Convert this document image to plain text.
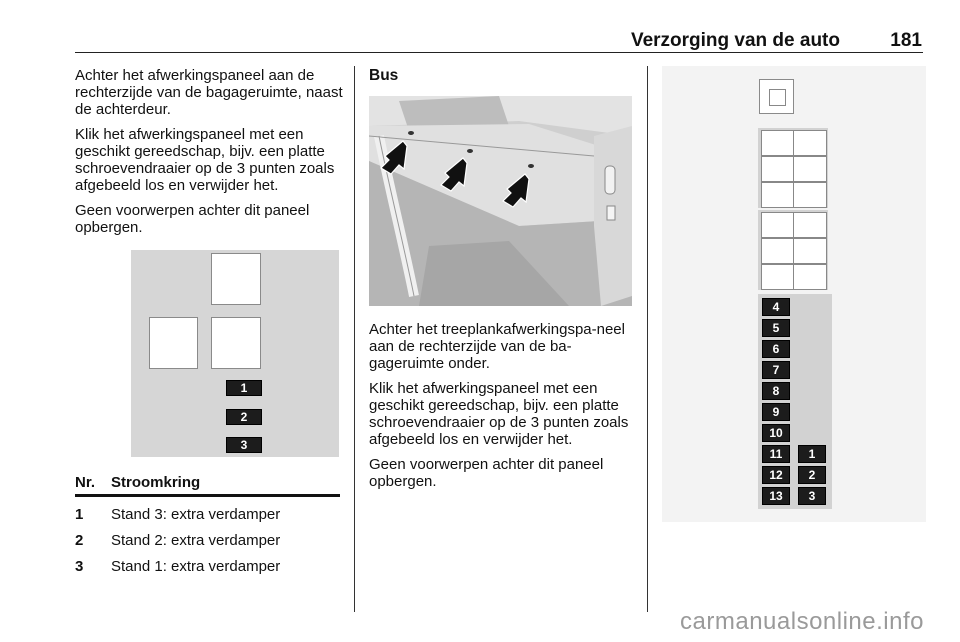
Verzorging van de auto	181

Achter het afwerkingspaneel aan de rechterzijde van de bagageruimte, naast de achterdeur.

Klik het afwerkingspaneel met een geschikt gereedschap, bijv. een platte schroevendraaier op de 3 punten zoals afgebeeld los en verwijder het.

Geen voorwerpen achter dit paneel opbergen.

1
2
3
Nr.	Stroomkring
1	Stand 3: extra verdamper
2	Stand 2: extra verdamper
3	Stand 1: extra verdamper
Bus

Achter het treeplankafwerkingspa-neel aan de rechterzijde van de ba-gageruimte onder.

Klik het afwerkingspaneel met een geschikt gereedschap, bijv. een platte schroevendraaier op de 3 punten zoals afgebeeld los en verwijder het.

Geen voorwerpen achter dit paneel opbergen.

4
5
6
7
8
9
10
11
12
13
1
2
3
carmanualsonline.info
